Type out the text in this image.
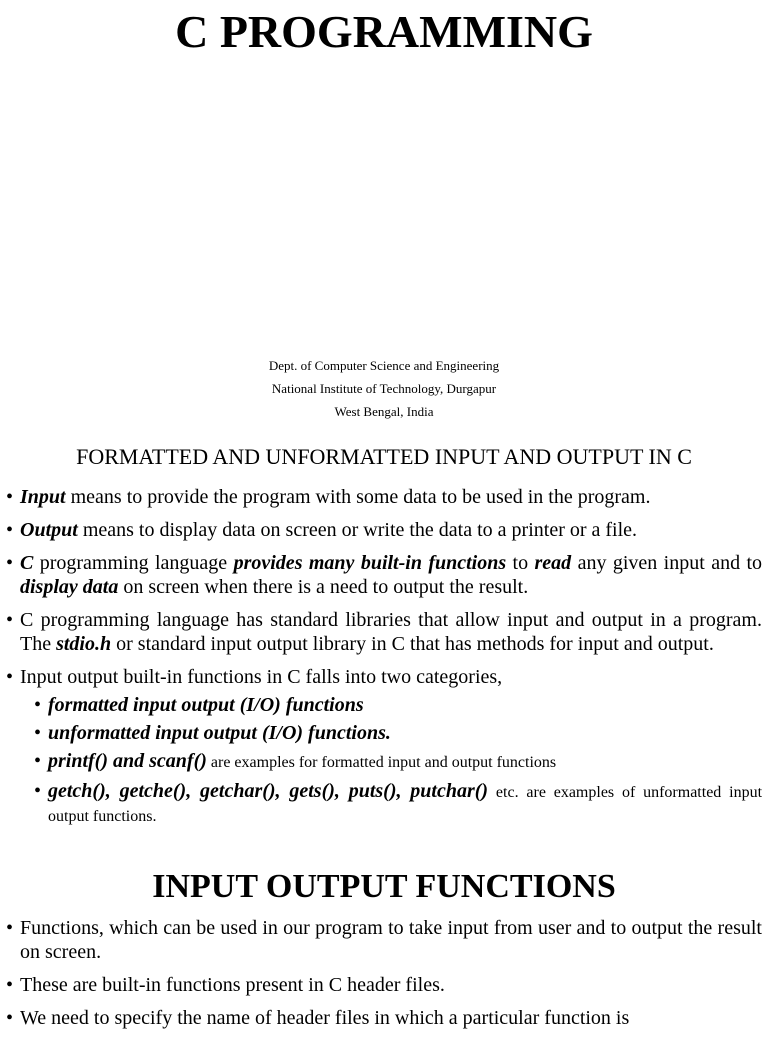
C PROGRAMMING
Dept. of Computer Science and Engineering
National Institute of Technology, Durgapur
West Bengal, India
FORMATTED AND UNFORMATTED INPUT AND OUTPUT IN C
• Input means to provide the program with some data to be used in the program.
• Output means to display data on screen or write the data to a printer or a file.
• C programming language provides many built-in functions to read any given input and to display data on screen when there is a need to output the result.
• C programming language has standard libraries that allow input and output in a program. The stdio.h or standard input output library in C that has methods for input and output.
• Input output built-in functions in C falls into two categories,
• formatted input output (I/O) functions
• unformatted input output (I/O) functions.
• printf() and scanf() are examples for formatted input and output functions
• getch(), getche(), getchar(), gets(), puts(), putchar() etc. are examples of unformatted input output functions.
INPUT OUTPUT FUNCTIONS
• Functions, which can be used in our program to take input from user and to output the result on screen.
• These are built-in functions present in C header files.
• We need to specify the name of header files in which a particular function is
